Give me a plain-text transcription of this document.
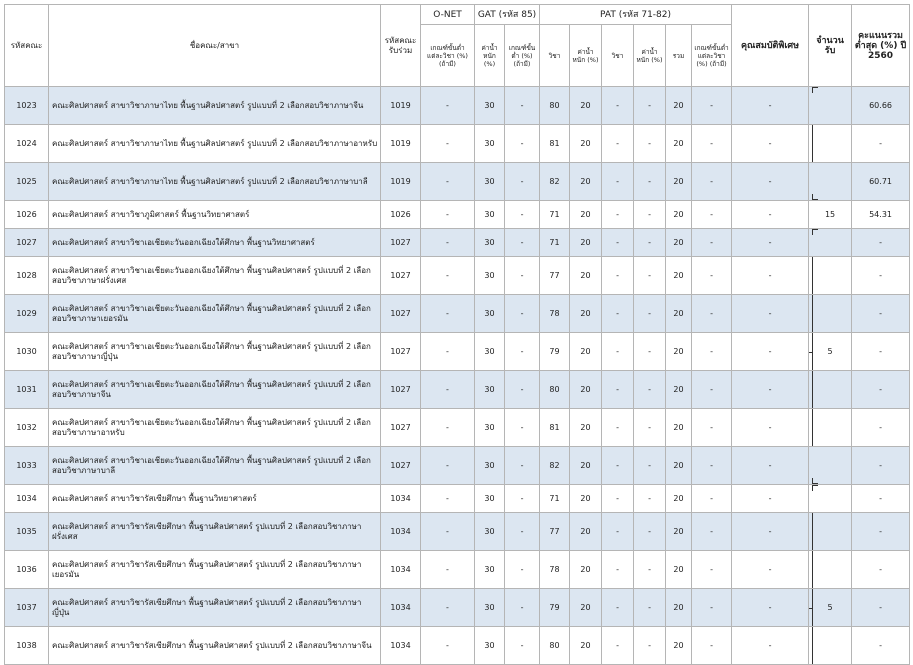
รหัสคณะ	ชื่อคณะ/สาขา	รหัสคณะรับร่วม	O-NET	GAT (รหัส 85)		PAT (รหัส 71-82)						คุณสมบัติพิเศษ	จำนวนรับ	คะแนนรวมต่ำสุด (%) ปี 2560
			เกณฑ์ขั้นต่ำแต่ละวิชา (%) (ถ้ามี)	ค่าน้ำหนัก (%)	เกณฑ์ขั้นต่ำ (%) (ถ้ามี)	วิชา	ค่าน้ำหนัก (%)	วิชา	ค่าน้ำหนัก (%)	รวม	เกณฑ์ขั้นต่ำแต่ละวิชา (%) (ถ้ามี)			
1023	คณะศิลปศาสตร์ สาขาวิชาภาษาไทย พื้นฐานศิลปศาสตร์ รูปแบบที่ 2 เลือกสอบวิชาภาษาจีน	1019	-	30	-	80	20	-	-	20	-	-		60.66
1024	คณะศิลปศาสตร์ สาขาวิชาภาษาไทย พื้นฐานศิลปศาสตร์ รูปแบบที่ 2 เลือกสอบวิชาภาษาอาหรับ	1019	-	30	-	81	20	-	-	20	-	-		-
1025	คณะศิลปศาสตร์ สาขาวิชาภาษาไทย พื้นฐานศิลปศาสตร์ รูปแบบที่ 2 เลือกสอบวิชาภาษาบาลี	1019	-	30	-	82	20	-	-	20	-	-		60.71
1026	คณะศิลปศาสตร์ สาขาวิชาภูมิศาสตร์ พื้นฐานวิทยาศาสตร์	1026	-	30	-	71	20	-	-	20	-	-	15	54.31
1027	คณะศิลปศาสตร์ สาขาวิชาเอเชียตะวันออกเฉียงใต้ศึกษา พื้นฐานวิทยาศาสตร์	1027	-	30	-	71	20	-	-	20	-	-		-
1028	คณะศิลปศาสตร์ สาขาวิชาเอเชียตะวันออกเฉียงใต้ศึกษา พื้นฐานศิลปศาสตร์ รูปแบบที่ 2 เลือกสอบวิชาภาษาฝรั่งเศส	1027	-	30	-	77	20	-	-	20	-	-		-
1029	คณะศิลปศาสตร์ สาขาวิชาเอเชียตะวันออกเฉียงใต้ศึกษา พื้นฐานศิลปศาสตร์ รูปแบบที่ 2 เลือกสอบวิชาภาษาเยอรมัน	1027	-	30	-	78	20	-	-	20	-	-		-
1030	คณะศิลปศาสตร์ สาขาวิชาเอเชียตะวันออกเฉียงใต้ศึกษา พื้นฐานศิลปศาสตร์ รูปแบบที่ 2 เลือกสอบวิชาภาษาญี่ปุ่น	1027	-	30	-	79	20	-	-	20	-	-	5	-
1031	คณะศิลปศาสตร์ สาขาวิชาเอเชียตะวันออกเฉียงใต้ศึกษา พื้นฐานศิลปศาสตร์ รูปแบบที่ 2 เลือกสอบวิชาภาษาจีน	1027	-	30	-	80	20	-	-	20	-	-		-
1032	คณะศิลปศาสตร์ สาขาวิชาเอเชียตะวันออกเฉียงใต้ศึกษา พื้นฐานศิลปศาสตร์ รูปแบบที่ 2 เลือกสอบวิชาภาษาอาหรับ	1027	-	30	-	81	20	-	-	20	-	-		-
1033	คณะศิลปศาสตร์ สาขาวิชาเอเชียตะวันออกเฉียงใต้ศึกษา พื้นฐานศิลปศาสตร์ รูปแบบที่ 2 เลือกสอบวิชาภาษาบาลี	1027	-	30	-	82	20	-	-	20	-	-		-
1034	คณะศิลปศาสตร์ สาขาวิชารัสเซียศึกษา พื้นฐานวิทยาศาสตร์	1034	-	30	-	71	20	-	-	20	-	-		-
1035	คณะศิลปศาสตร์ สาขาวิชารัสเซียศึกษา พื้นฐานศิลปศาสตร์ รูปแบบที่ 2 เลือกสอบวิชาภาษาฝรั่งเศส	1034	-	30	-	77	20	-	-	20	-	-		-
1036	คณะศิลปศาสตร์ สาขาวิชารัสเซียศึกษา พื้นฐานศิลปศาสตร์ รูปแบบที่ 2 เลือกสอบวิชาภาษาเยอรมัน	1034	-	30	-	78	20	-	-	20	-	-		-
1037	คณะศิลปศาสตร์ สาขาวิชารัสเซียศึกษา พื้นฐานศิลปศาสตร์ รูปแบบที่ 2 เลือกสอบวิชาภาษาญี่ปุ่น	1034	-	30	-	79	20	-	-	20	-	-	5	-
1038	คณะศิลปศาสตร์ สาขาวิชารัสเซียศึกษา พื้นฐานศิลปศาสตร์ รูปแบบที่ 2 เลือกสอบวิชาภาษาจีน	1034	-	30	-	80	20	-	-	20	-	-		-
